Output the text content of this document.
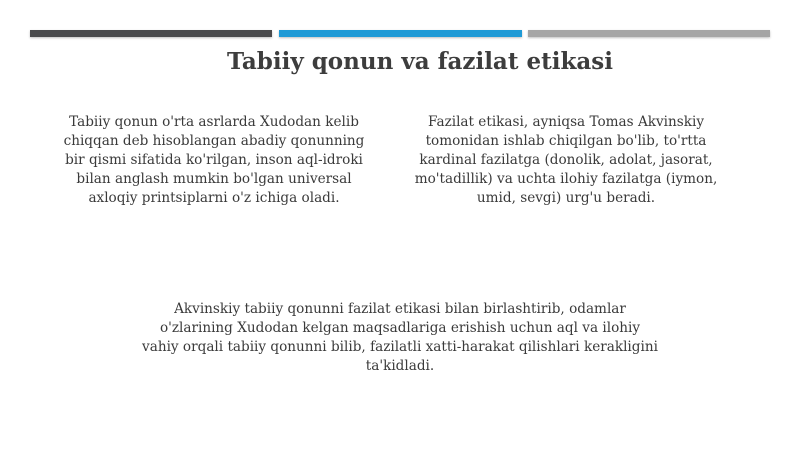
Tabiiy qonun va fazilat etikasi
Tabiiy qonun o'rta asrlarda Xudodan kelib chiqqan deb hisoblangan abadiy qonunning bir qismi sifatida ko'rilgan, inson aql-idroki bilan anglash mumkin bo'lgan universal axloqiy printsiplarni o'z ichiga oladi.
Fazilat etikasi, ayniqsa Tomas Akvinskiy tomonidan ishlab chiqilgan bo'lib, to'rtta kardinal fazilatga (donolik, adolat, jasorat, mo'tadillik) va uchta ilohiy fazilatga (iymon, umid, sevgi) urg'u beradi.
Akvinskiy tabiiy qonunni fazilat etikasi bilan birlashtirib, odamlar o'zlarining Xudodan kelgan maqsadlariga erishish uchun aql va ilohiy vahiy orqali tabiiy qonunni bilib, fazilatli xatti-harakat qilishlari kerakligini ta'kidladi.
